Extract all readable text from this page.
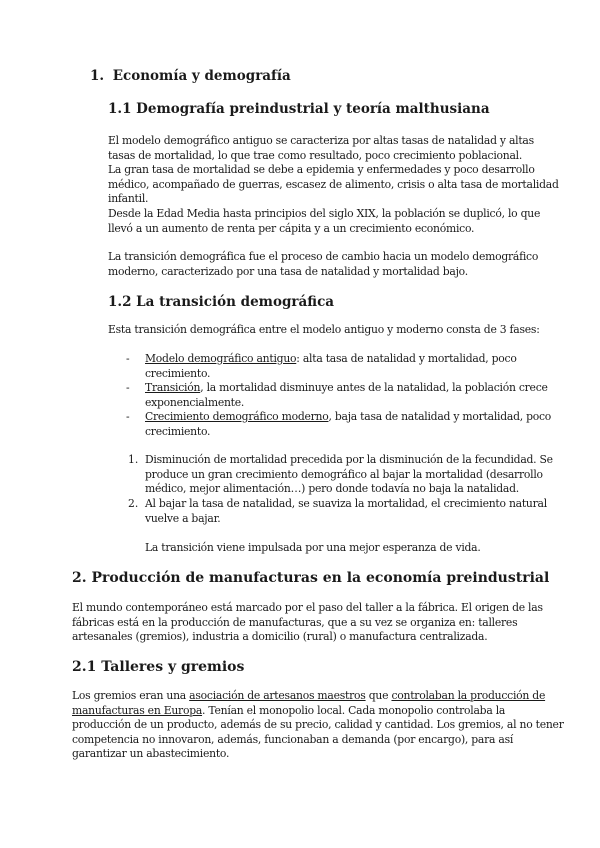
1. Economía y demografía
1.1 Demografía preindustrial y teoría malthusiana
El modelo demográfico antiguo se caracteriza por altas tasas de natalidad y altas
tasas de mortalidad, lo que trae como resultado, poco crecimiento poblacional.
La gran tasa de mortalidad se debe a epidemia y enfermedades y poco desarrollo
médico, acompañado de guerras, escasez de alimento, crisis o alta tasa de mortalidad
infantil.
Desde la Edad Media hasta principios del siglo XIX, la población se duplicó, lo que
llevó a un aumento de renta per cápita y a un crecimiento económico.
La transición demográfica fue el proceso de cambio hacia un modelo demográfico
moderno, caracterizado por una tasa de natalidad y mortalidad bajo.
1.2 La transición demográfica
Esta transición demográfica entre el modelo antiguo y moderno consta de 3 fases:
- Modelo demográfico antiguo: alta tasa de natalidad y mortalidad, poco
crecimiento.
- Transición, la mortalidad disminuye antes de la natalidad, la población crece
exponencialmente.
- Crecimiento demográfico moderno, baja tasa de natalidad y mortalidad, poco
crecimiento.
1. Disminución de mortalidad precedida por la disminución de la fecundidad. Se
produce un gran crecimiento demográfico al bajar la mortalidad (desarrollo
médico, mejor alimentación…) pero donde todavía no baja la natalidad.
2. Al bajar la tasa de natalidad, se suaviza la mortalidad, el crecimiento natural
vuelve a bajar.
La transición viene impulsada por una mejor esperanza de vida.
2. Producción de manufacturas en la economía preindustrial
El mundo contemporáneo está marcado por el paso del taller a la fábrica. El origen de las
fábricas está en la producción de manufacturas, que a su vez se organiza en: talleres
artesanales (gremios), industria a domicilio (rural) o manufactura centralizada.
2.1 Talleres y gremios
Los gremios eran una asociación de artesanos maestros que controlaban la producción de
manufacturas en Europa. Tenían el monopolio local. Cada monopolio controlaba la
producción de un producto, además de su precio, calidad y cantidad. Los gremios, al no tener
competencia no innovaron, además, funcionaban a demanda (por encargo), para así
garantizar un abastecimiento.
